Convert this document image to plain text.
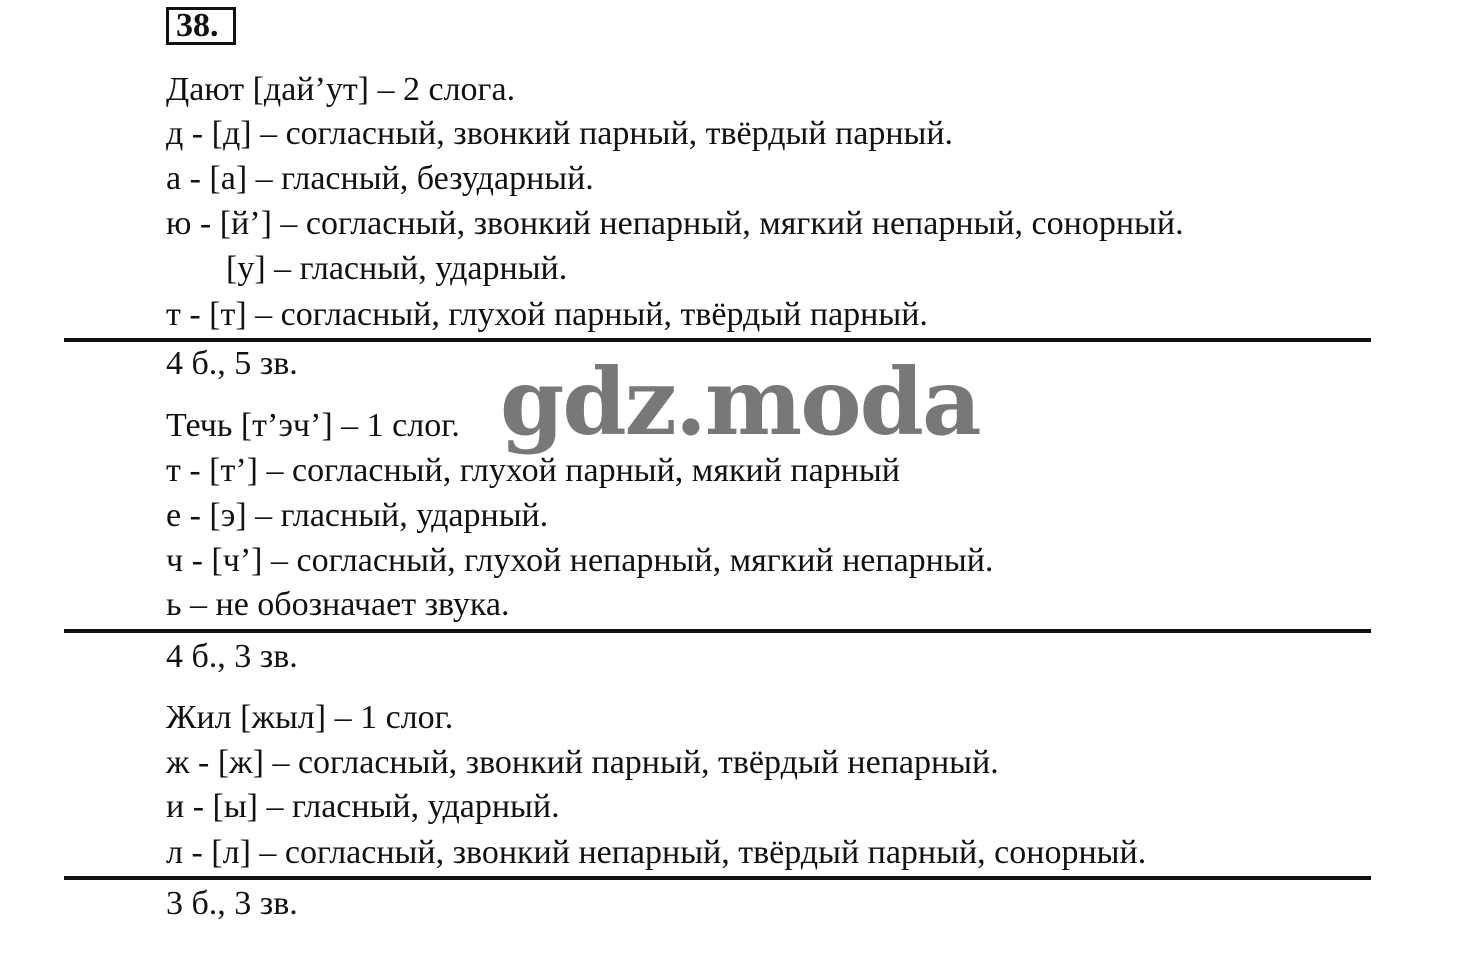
38.
Дают [дай’ут] – 2 слога.
д - [д] – согласный, звонкий парный, твёрдый парный.
а - [а] – гласный, безударный.
ю - [й’] – согласный, звонкий непарный, мягкий непарный, сонорный.
[у] – гласный, ударный.
т - [т] – согласный, глухой парный, твёрдый парный.
4 б., 5 зв.
Течь [т’эч’] – 1 слог.
т - [т’] – согласный, глухой парный, мякий парный
е - [э] – гласный, ударный.
ч - [ч’] – согласный, глухой непарный, мягкий непарный.
ь – не обозначает звука.
4 б., 3 зв.
Жил [жыл] – 1 слог.
ж - [ж] – согласный, звонкий парный, твёрдый непарный.
и - [ы] – гласный, ударный.
л - [л] – согласный, звонкий непарный, твёрдый парный, сонорный.
3 б., 3 зв.
gdz.moda
